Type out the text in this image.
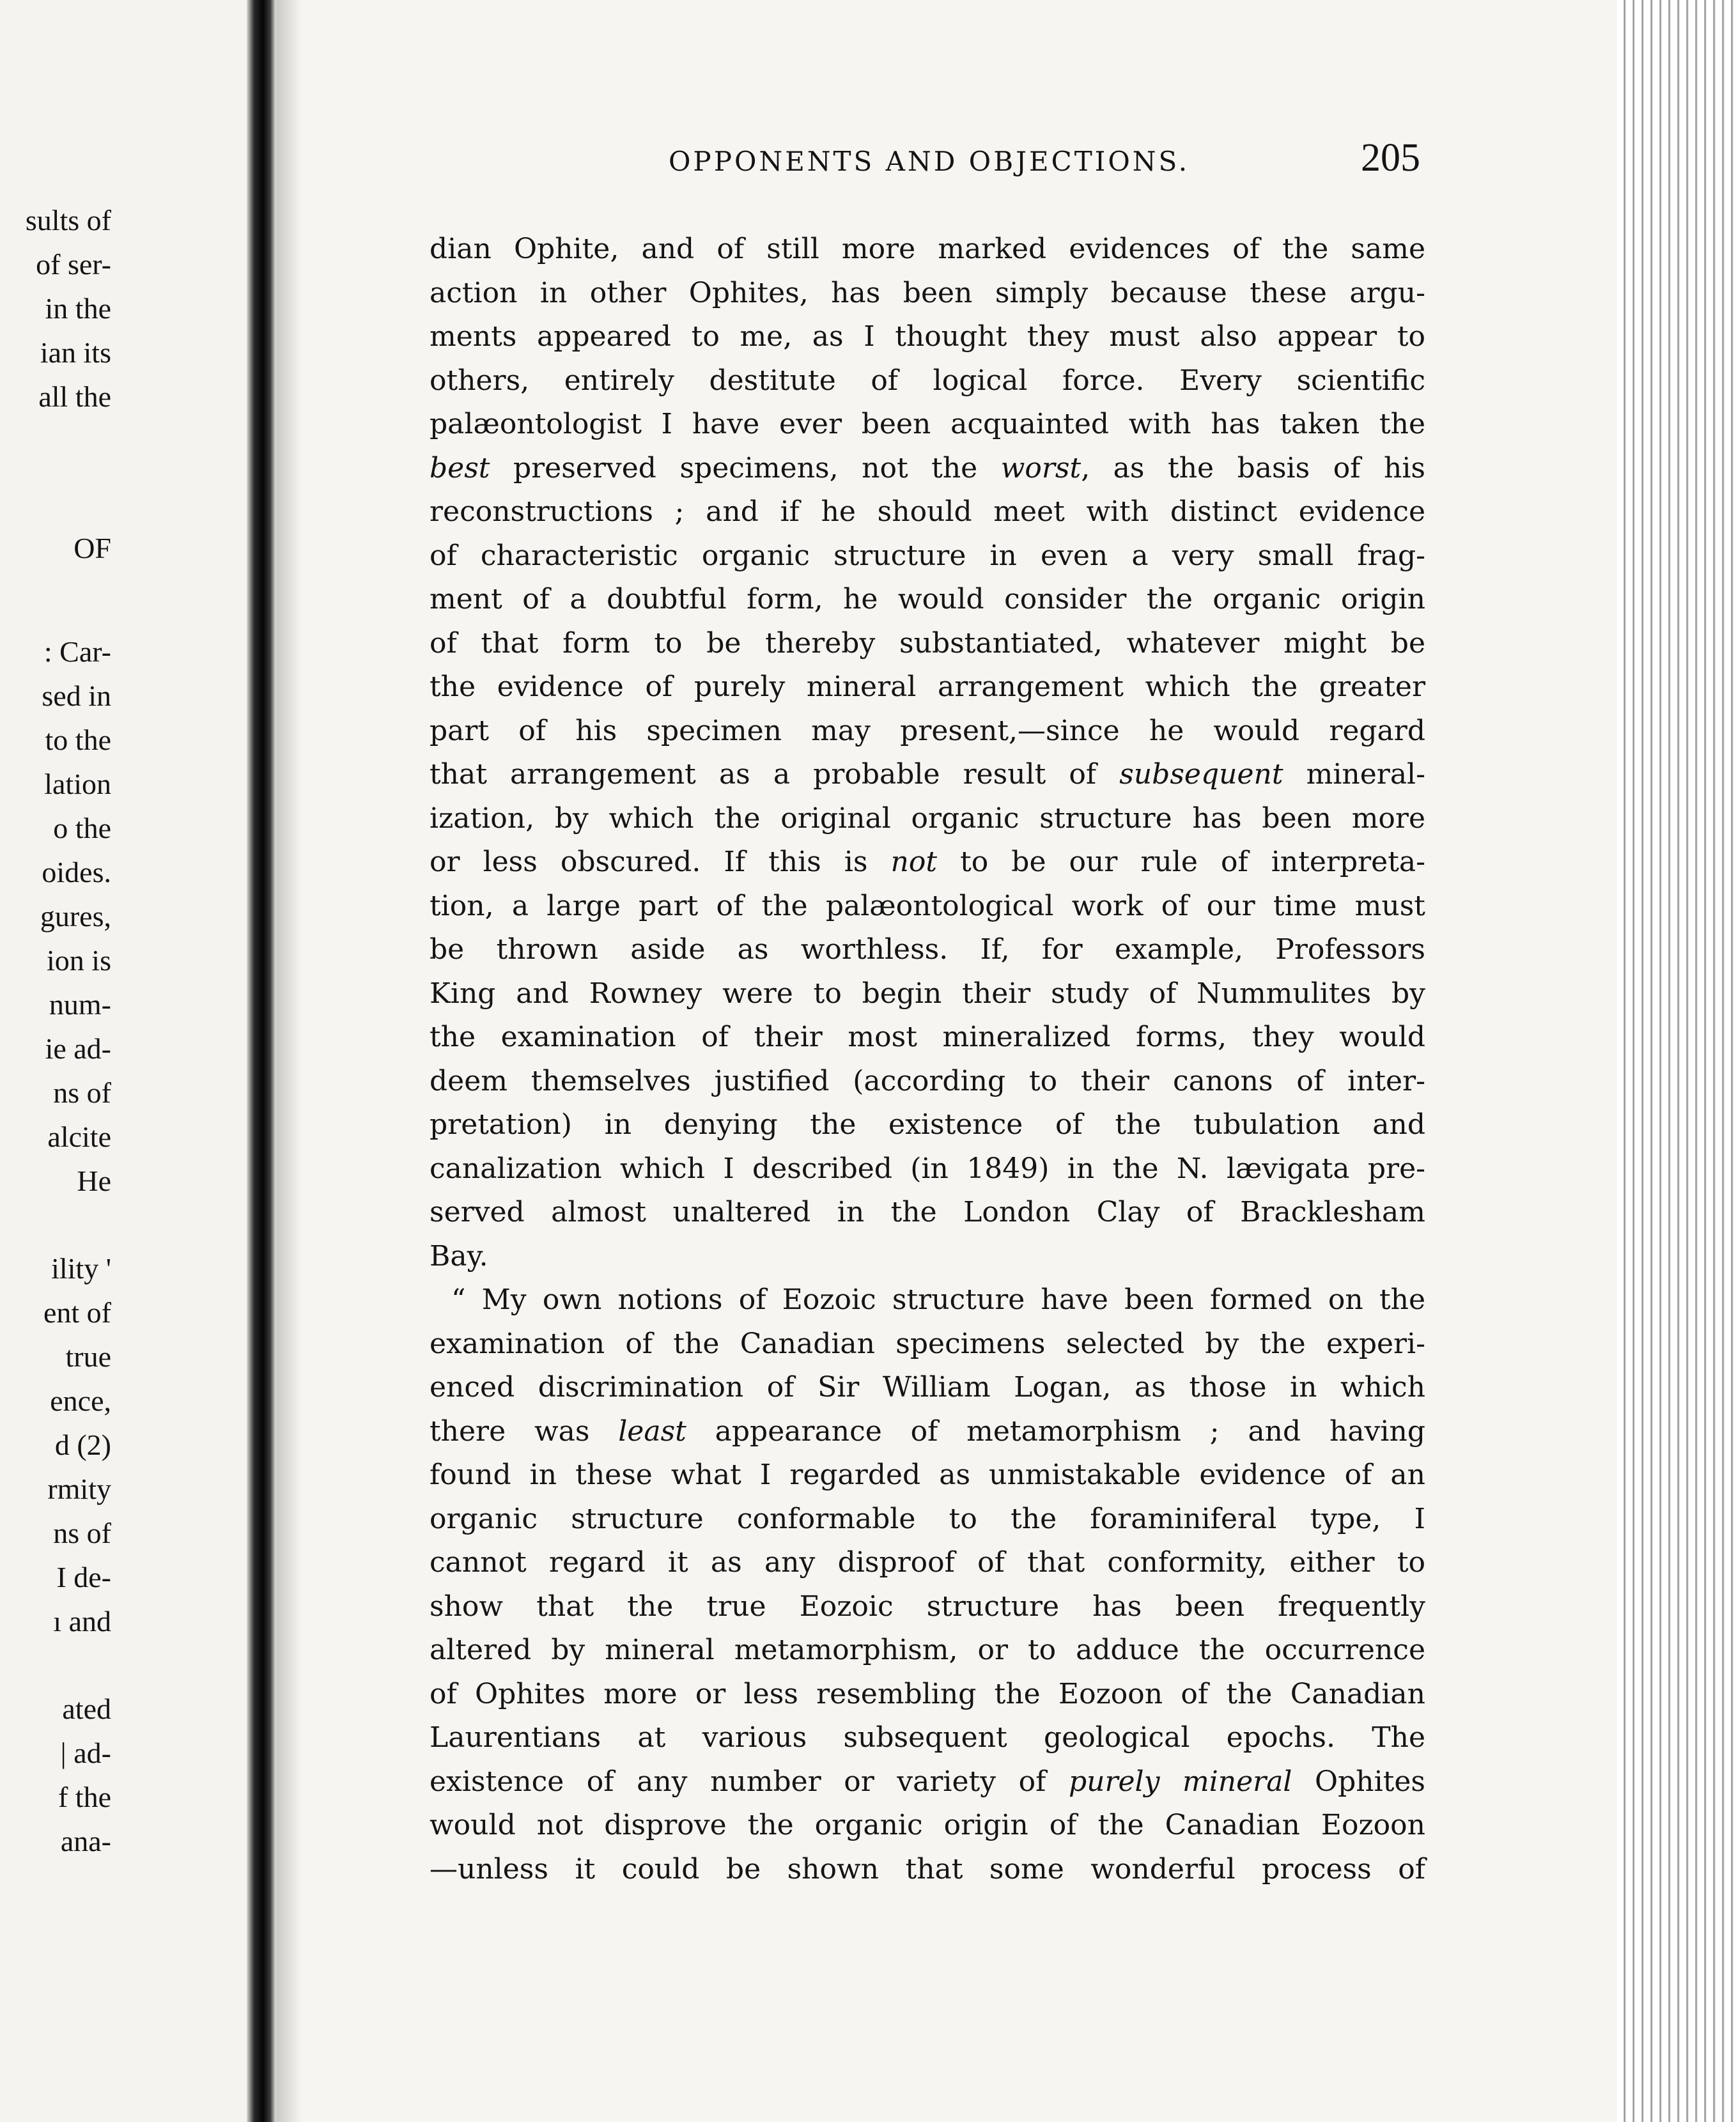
sults of
of ser-
in the
ian its
all the
OF
: Car-
sed in
to the
lation
o the
oides.
gures,
ion is
num-
ie ad-
ns of
alcite
He
ility '
ent of
true
ence,
d (2)
rmity
ns of
I de-
ı and
ated
| ad-
f the
ana-
OPPONENTS AND OBJECTIONS.	205
dian Ophite, and of still more marked evidences of the same
action in other Ophites, has been simply because these argu-
ments appeared to me, as I thought they must also appear to
others, entirely destitute of logical force. Every scientific
palæontologist I have ever been acquainted with has taken the
best preserved specimens, not the worst, as the basis of his
reconstructions ; and if he should meet with distinct evidence
of characteristic organic structure in even a very small frag-
ment of a doubtful form, he would consider the organic origin
of that form to be thereby substantiated, whatever might be
the evidence of purely mineral arrangement which the greater
part of his specimen may present,—since he would regard
that arrangement as a probable result of subsequent mineral-
ization, by which the original organic structure has been more
or less obscured. If this is not to be our rule of interpreta-
tion, a large part of the palæontological work of our time must
be thrown aside as worthless. If, for example, Professors
King and Rowney were to begin their study of Nummulites by
the examination of their most mineralized forms, they would
deem themselves justified (according to their canons of inter-
pretation) in denying the existence of the tubulation and
canalization which I described (in 1849) in the N. lævigata pre-
served almost unaltered in the London Clay of Bracklesham
Bay.
“ My own notions of Eozoic structure have been formed on the
examination of the Canadian specimens selected by the experi-
enced discrimination of Sir William Logan, as those in which
there was least appearance of metamorphism ; and having
found in these what I regarded as unmistakable evidence of an
organic structure conformable to the foraminiferal type, I
cannot regard it as any disproof of that conformity, either to
show that the true Eozoic structure has been frequently
altered by mineral metamorphism, or to adduce the occurrence
of Ophites more or less resembling the Eozoon of the Canadian
Laurentians at various subsequent geological epochs. The
existence of any number or variety of purely mineral Ophites
would not disprove the organic origin of the Canadian Eozoon
—unless it could be shown that some wonderful process of
